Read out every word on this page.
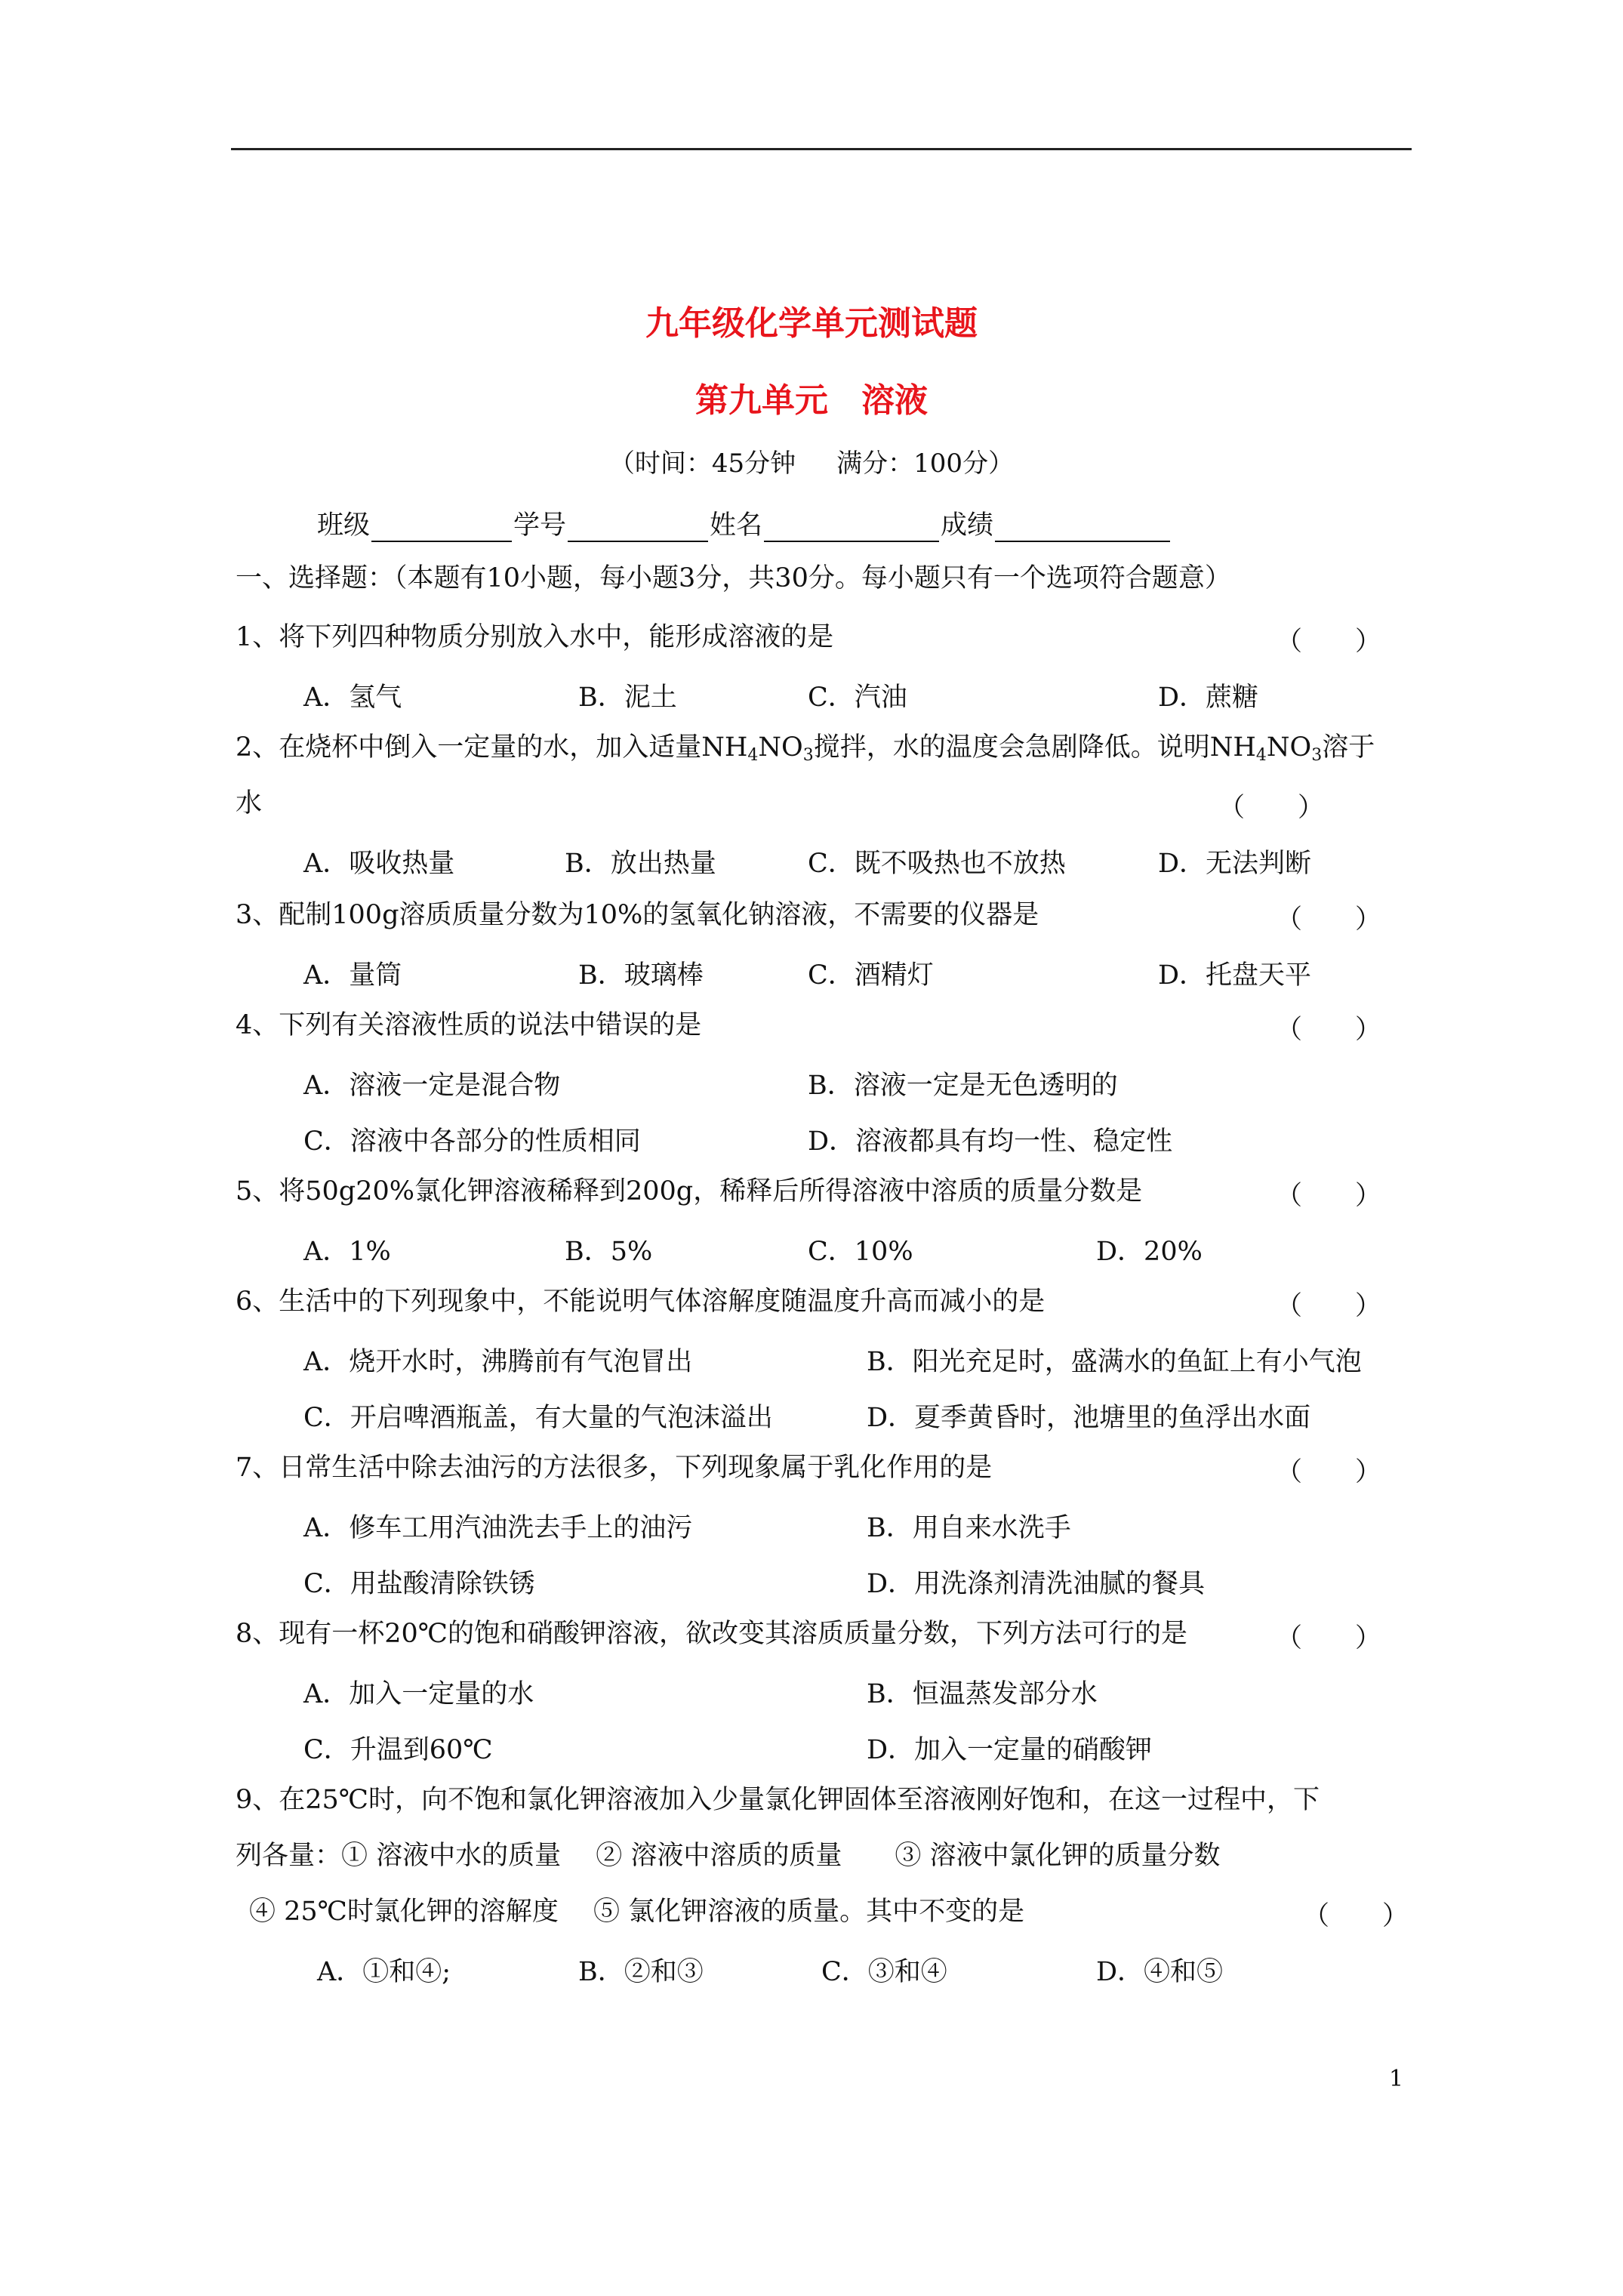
九年级化学单元测试题
第九单元 溶液
（时间：45分钟 满分：100分）
班级	学号	姓名	成绩
一、选择题：（本题有10小题，每小题3分，共30分。每小题只有一个选项符合题意）
1、将下列四种物质分别放入水中，能形成溶液的是	（ ）
A．氢气	B．泥土	C．汽油	D．蔗糖
2、在烧杯中倒入一定量的水，加入适量$NH_4NO_3$搅拌，水的温度会急剧降低。说明$NH_4NO_3$溶于
水	（ ）
A．吸收热量	B．放出热量	C．既不吸热也不放热	D．无法判断
3、配制100g溶质质量分数为10%的氢氧化钠溶液，不需要的仪器是	（ ）
A．量筒	B．玻璃棒	C．酒精灯	D．托盘天平
4、下列有关溶液性质的说法中错误的是	（ ）
A．溶液一定是混合物	B．溶液一定是无色透明的
C．溶液中各部分的性质相同	D．溶液都具有均一性、稳定性
5、将50g20%氯化钾溶液稀释到200g，稀释后所得溶液中溶质的质量分数是	（ ）
A．1%	B．5%	C．10%	D．20%
6、生活中的下列现象中，不能说明气体溶解度随温度升高而减小的是	（ ）
A．烧开水时，沸腾前有气泡冒出	B．阳光充足时，盛满水的鱼缸上有小气泡
C．开启啤酒瓶盖，有大量的气泡沫溢出	D．夏季黄昏时，池塘里的鱼浮出水面
7、日常生活中除去油污的方法很多，下列现象属于乳化作用的是	（ ）
A．修车工用汽油洗去手上的油污	B．用自来水洗手
C．用盐酸清除铁锈	D．用洗涤剂清洗油腻的餐具
8、现有一杯20℃的饱和硝酸钾溶液，欲改变其溶质质量分数，下列方法可行的是	（ ）
A．加入一定量的水	B．恒温蒸发部分水
C．升温到60℃	D．加入一定量的硝酸钾
9、在25℃时，向不饱和氯化钾溶液加入少量氯化钾固体至溶液刚好饱和，在这一过程中，下
列各量：① 溶液中水的质量　 ② 溶液中溶质的质量　　③ 溶液中氯化钾的质量分数
④ 25℃时氯化钾的溶解度　 ⑤ 氯化钾溶液的质量。其中不变的是	（ ）
A．①和④;	B．②和③	C．③和④	D．④和⑤
1
